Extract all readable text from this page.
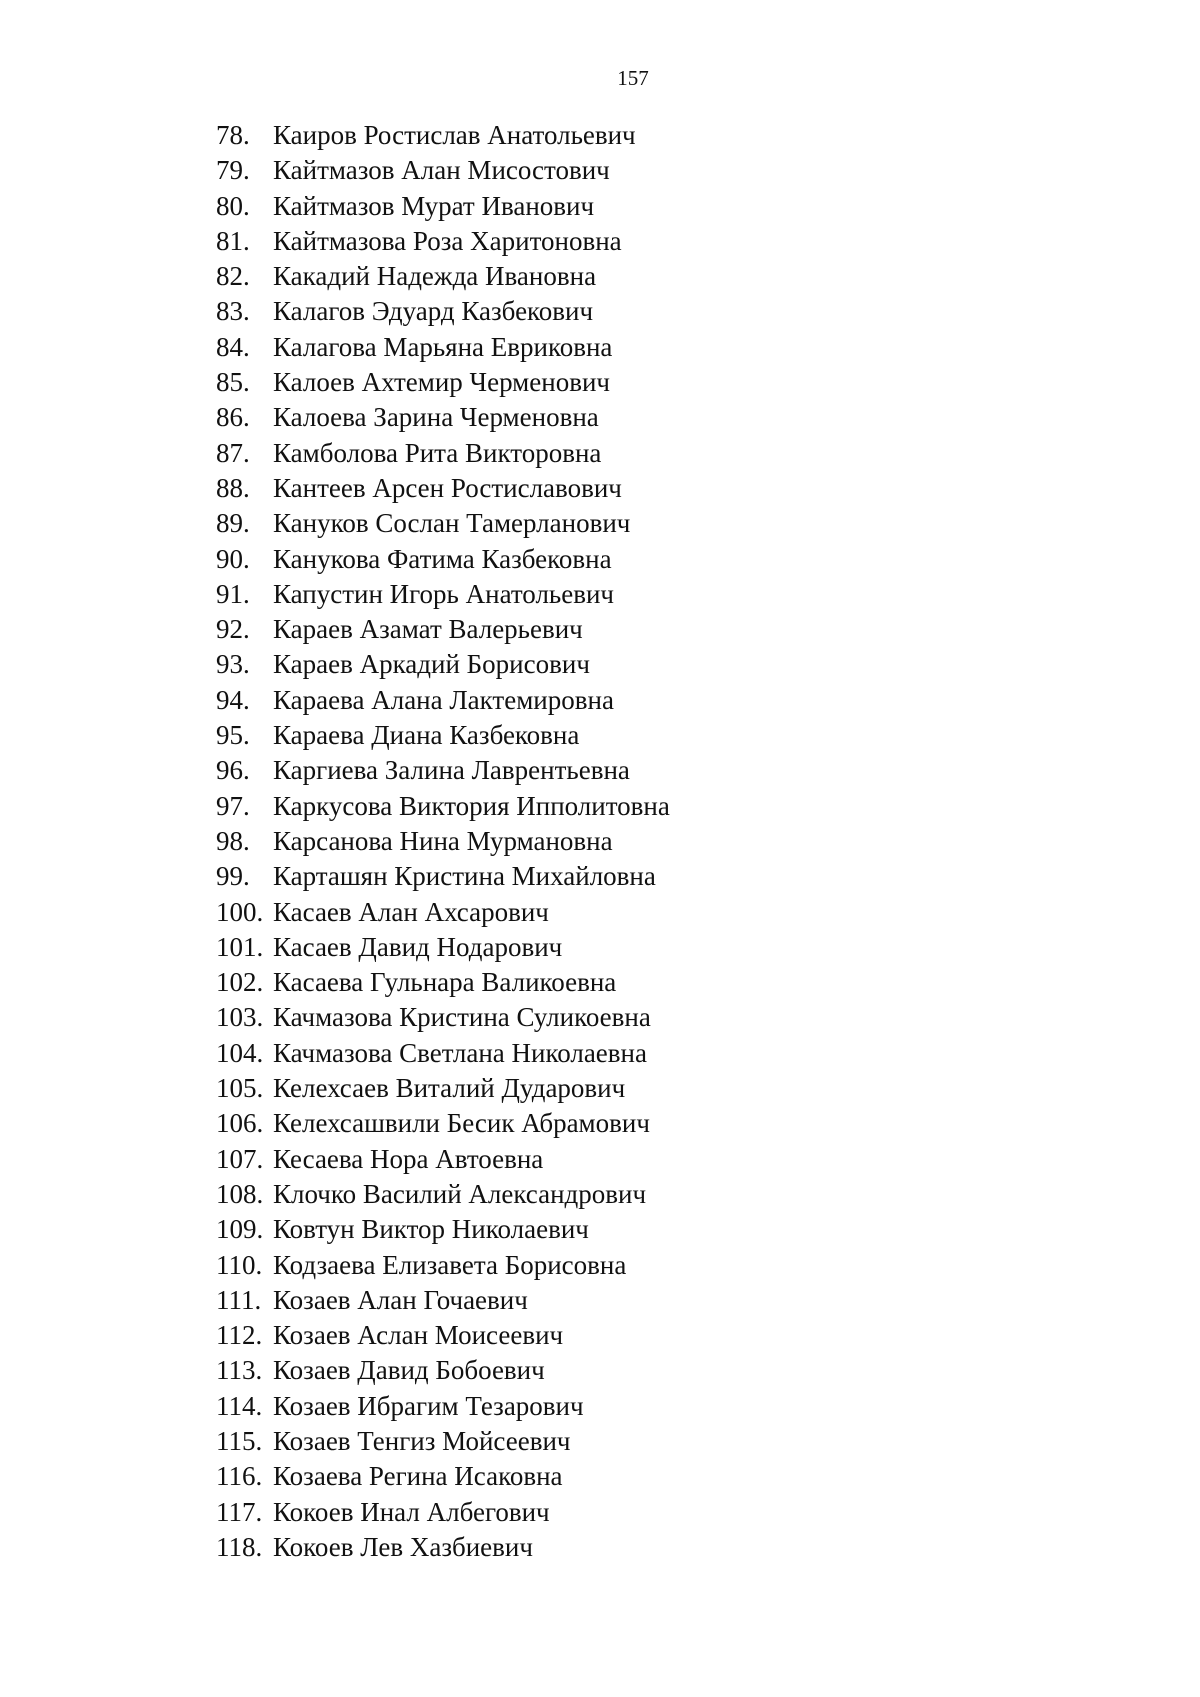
157
78. Каиров Ростислав Анатольевич
79. Кайтмазов Алан Мисостович
80. Кайтмазов Мурат Иванович
81. Кайтмазова Роза Харитоновна
82. Какадий Надежда Ивановна
83. Калагов Эдуард Казбекович
84. Калагова Марьяна Евриковна
85. Калоев Ахтемир Черменович
86. Калоева Зарина Черменовна
87. Камболова Рита Викторовна
88. Кантеев Арсен Ростиславович
89. Кануков Сослан Тамерланович
90. Канукова Фатима Казбековна
91. Капустин Игорь Анатольевич
92. Караев Азамат Валерьевич
93. Караев Аркадий Борисович
94. Караева Алана Лактемировна
95. Караева Диана Казбековна
96. Каргиева Залина Лаврентьевна
97. Каркусова Виктория Ипполитовна
98. Карсанова Нина Мурмановна
99. Карташян Кристина Михайловна
100. Касаев Алан Ахсарович
101. Касаев Давид Нодарович
102. Касаева Гульнара Валикоевна
103. Качмазова Кристина Суликоевна
104. Качмазова Светлана Николаевна
105. Келехсаев Виталий Дударович
106. Келехсашвили Бесик Абрамович
107. Кесаева Нора Автоевна
108. Клочко Василий Александрович
109. Ковтун Виктор Николаевич
110. Кодзаева Елизавета Борисовна
111. Козаев Алан Гочаевич
112. Козаев Аслан Моисеевич
113. Козаев Давид Бобоевич
114. Козаев Ибрагим Тезарович
115. Козаев Тенгиз Мойсеевич
116. Козаева Регина Исаковна
117. Кокоев Инал Албегович
118. Кокоев Лев Хазбиевич
